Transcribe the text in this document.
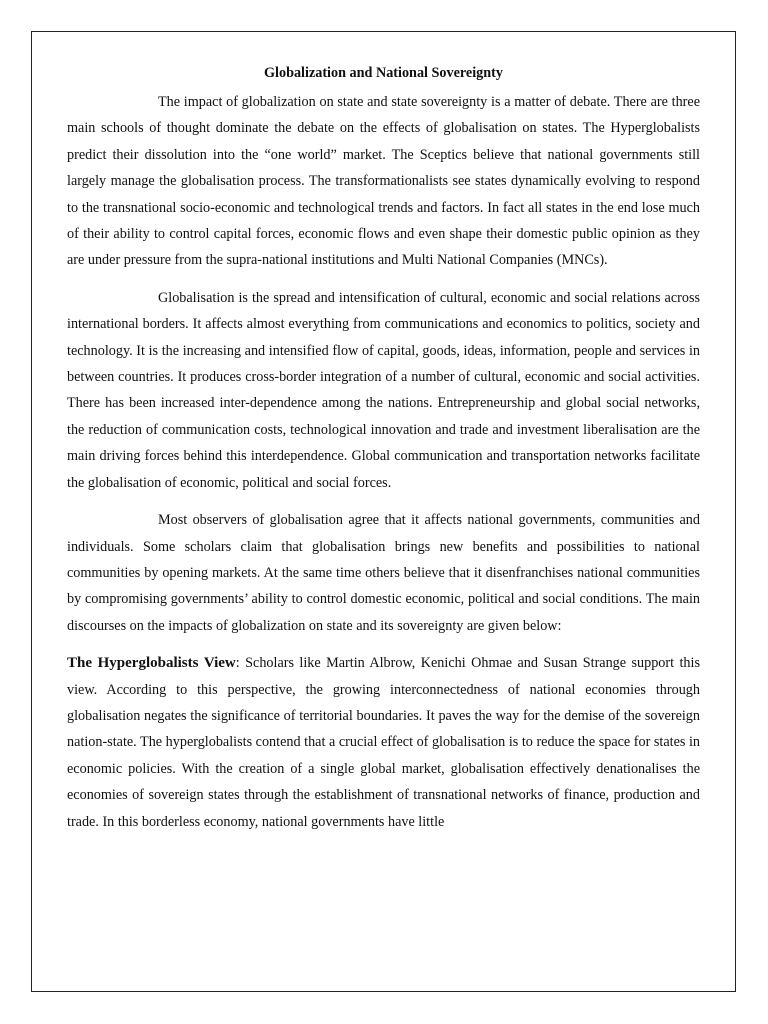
Globalization and National Sovereignty

The impact of globalization on state and state sovereignty is a matter of debate. There are three main schools of thought dominate the debate on the effects of globalisation on states. The Hyperglobalists predict their dissolution into the “one world” market. The Sceptics believe that national governments still largely manage the globalisation process. The transformationalists see states dynamically evolving to respond to the transnational socio-economic and technological trends and factors. In fact all states in the end lose much of their ability to control capital forces, economic flows and even shape their domestic public opinion as they are under pressure from the supra-national institutions and Multi National Companies (MNCs).

Globalisation is the spread and intensification of cultural, economic and social relations across international borders. It affects almost everything from communications and economics to politics, society and technology. It is the increasing and intensified flow of capital, goods, ideas, information, people and services in between countries. It produces cross-border integration of a number of cultural, economic and social activities. There has been increased inter-dependence among the nations. Entrepreneurship and global social networks, the reduction of communication costs, technological innovation and trade and investment liberalisation are the main driving forces behind this interdependence. Global communication and transportation networks facilitate the globalisation of economic, political and social forces.

Most observers of globalisation agree that it affects national governments, communities and individuals. Some scholars claim that globalisation brings new benefits and possibilities to national communities by opening markets. At the same time others believe that it disenfranchises national communities by compromising governments’ ability to control domestic economic, political and social conditions. The main discourses on the impacts of globalization on state and its sovereignty are given below:

The Hyperglobalists View: Scholars like Martin Albrow, Kenichi Ohmae and Susan Strange support this view. According to this perspective, the growing interconnectedness of national economies through globalisation negates the significance of territorial boundaries. It paves the way for the demise of the sovereign nation-state. The hyperglobalists contend that a crucial effect of globalisation is to reduce the space for states in economic policies. With the creation of a single global market, globalisation effectively denationalises the economies of sovereign states through the establishment of transnational networks of finance, production and trade. In this borderless economy, national governments have little
